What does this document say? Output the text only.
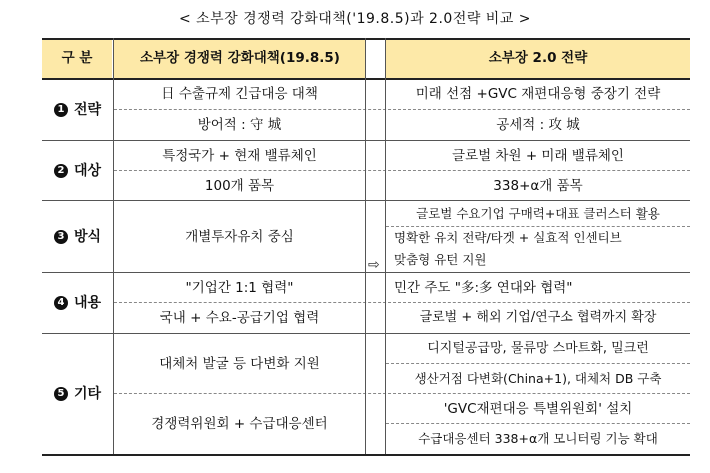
< 소부장 경쟁력 강화대책('19.8.5)과 2.0전략 비교 >
구 분	소부장 경쟁력 강화대책(19.8.5)	소부장 2.0 전략
1 전략
2 대상
3 방식
4 내용
5 기타
日 수출규제 긴급대응 대책
방어적 : 守 城
특정국가 + 현재 밸류체인
100개 품목
개별투자유치 중심
"기업간 1:1 협력"
국내 + 수요-공급기업 협력
대체처 발굴 등 다변화 지원
경쟁력위원회 + 수급대응센터
⇨
미래 선점 +GVC 재편대응형 중장기 전략
공세적 : 攻 城
글로벌 차원 + 미래 밸류체인
338+α개 품목
글로벌 수요기업 구매력+대표 클러스터 활용
명확한 유치 전략/타겟 + 실효적 인센티브
맞춤형 유턴 지원
민간 주도 "多:多 연대와 협력"
글로벌 + 해외 기업/연구소 협력까지 확장
디지털공급망, 물류망 스마트화, 밀크런
생산거점 다변화(China+1), 대체처 DB 구축
'GVC재편대응 특별위원회' 설치
수급대응센터 338+α개 모니터링 기능 확대
